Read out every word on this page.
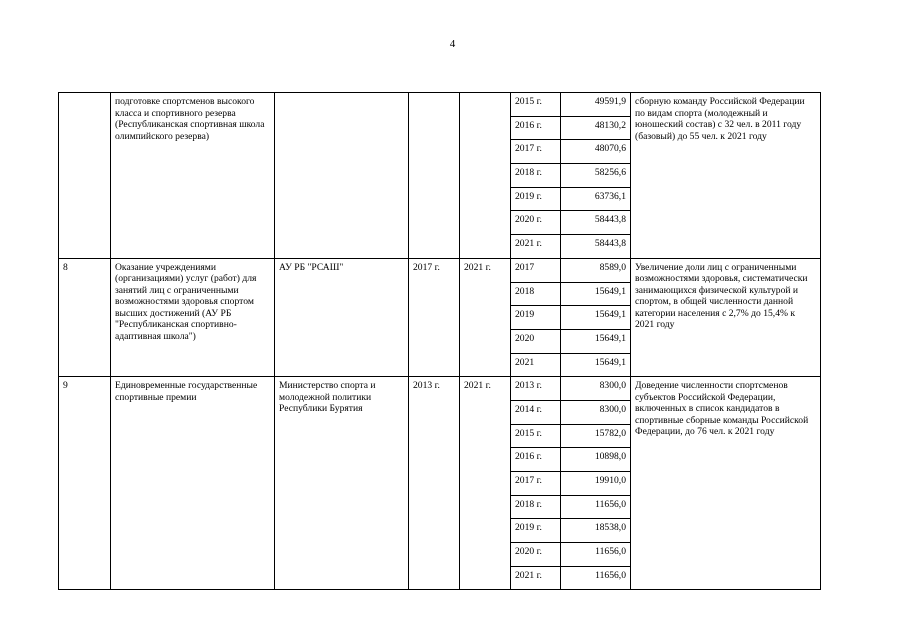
4
	подготовке спортсменов высокого класса и спортивного резерва (Республиканская спортивная школа олимпийского резерва)				2015 г.	49591,9	сборную команду Российской Федерации по видам спорта (молодежный и юношеский состав) с 32 чел. в 2011 году (базовый) до 55 чел. к 2021 году
					2016 г.	48130,2	
					2017 г.	48070,6	
					2018 г.	58256,6	
					2019 г.	63736,1	
					2020 г.	58443,8	
					2021 г.	58443,8	
8	Оказание учреждениями (организациями) услуг (работ) для занятий лиц с ограниченными возможностями здоровья спортом высших достижений (АУ РБ "Республиканская спортивно-адаптивная школа")	АУ РБ "РСАШ"	2017 г.	2021 г.	2017	8589,0	Увеличение доли лиц с ограниченными возможностями здоровья, систематически занимающихся физической культурой и спортом, в общей численности данной категории населения с 2,7% до 15,4% к 2021 году
					2018	15649,1	
					2019	15649,1	
					2020	15649,1	
					2021	15649,1	
9	Единовременные государственные спортивные премии	Министерство спорта и молодежной политики Республики Бурятия	2013 г.	2021 г.	2013 г.	8300,0	Доведение численности спортсменов субъектов Российской Федерации, включенных в список кандидатов в спортивные сборные команды Российской Федерации, до 76 чел. к 2021 году
					2014 г.	8300,0	
					2015 г.	15782,0	
					2016 г.	10898,0	
					2017 г.	19910,0	
					2018 г.	11656,0	
					2019 г.	18538,0	
					2020 г.	11656,0	
					2021 г.	11656,0	
